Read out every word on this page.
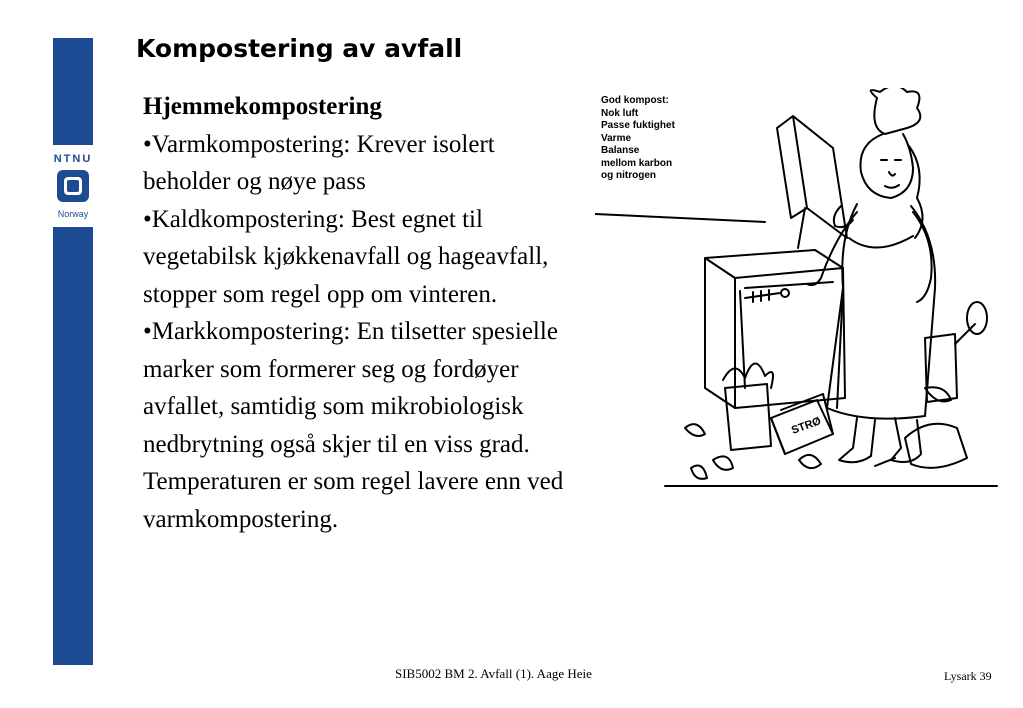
NTNU
Norway
Kompostering av avfall

Hjemmekompostering

•Varmkompostering: Krever isolert beholder og nøye pass

•Kaldkompostering: Best egnet til vegetabilsk kjøkkenavfall og hageavfall, stopper som regel opp om vinteren.

•Markkompostering: En tilsetter spesielle marker som formerer seg og fordøyer avfallet, samtidig som mikrobiologisk nedbrytning også skjer til en viss grad. Temperaturen er som regel lavere enn ved varmkompostering.

STRØ
God kompost:
Nok luft
Passe fuktighet
Varme
Balanse
mellom karbon
og nitrogen
SIB5002 BM 2. Avfall (1). Aage Heie	Lysark 39
